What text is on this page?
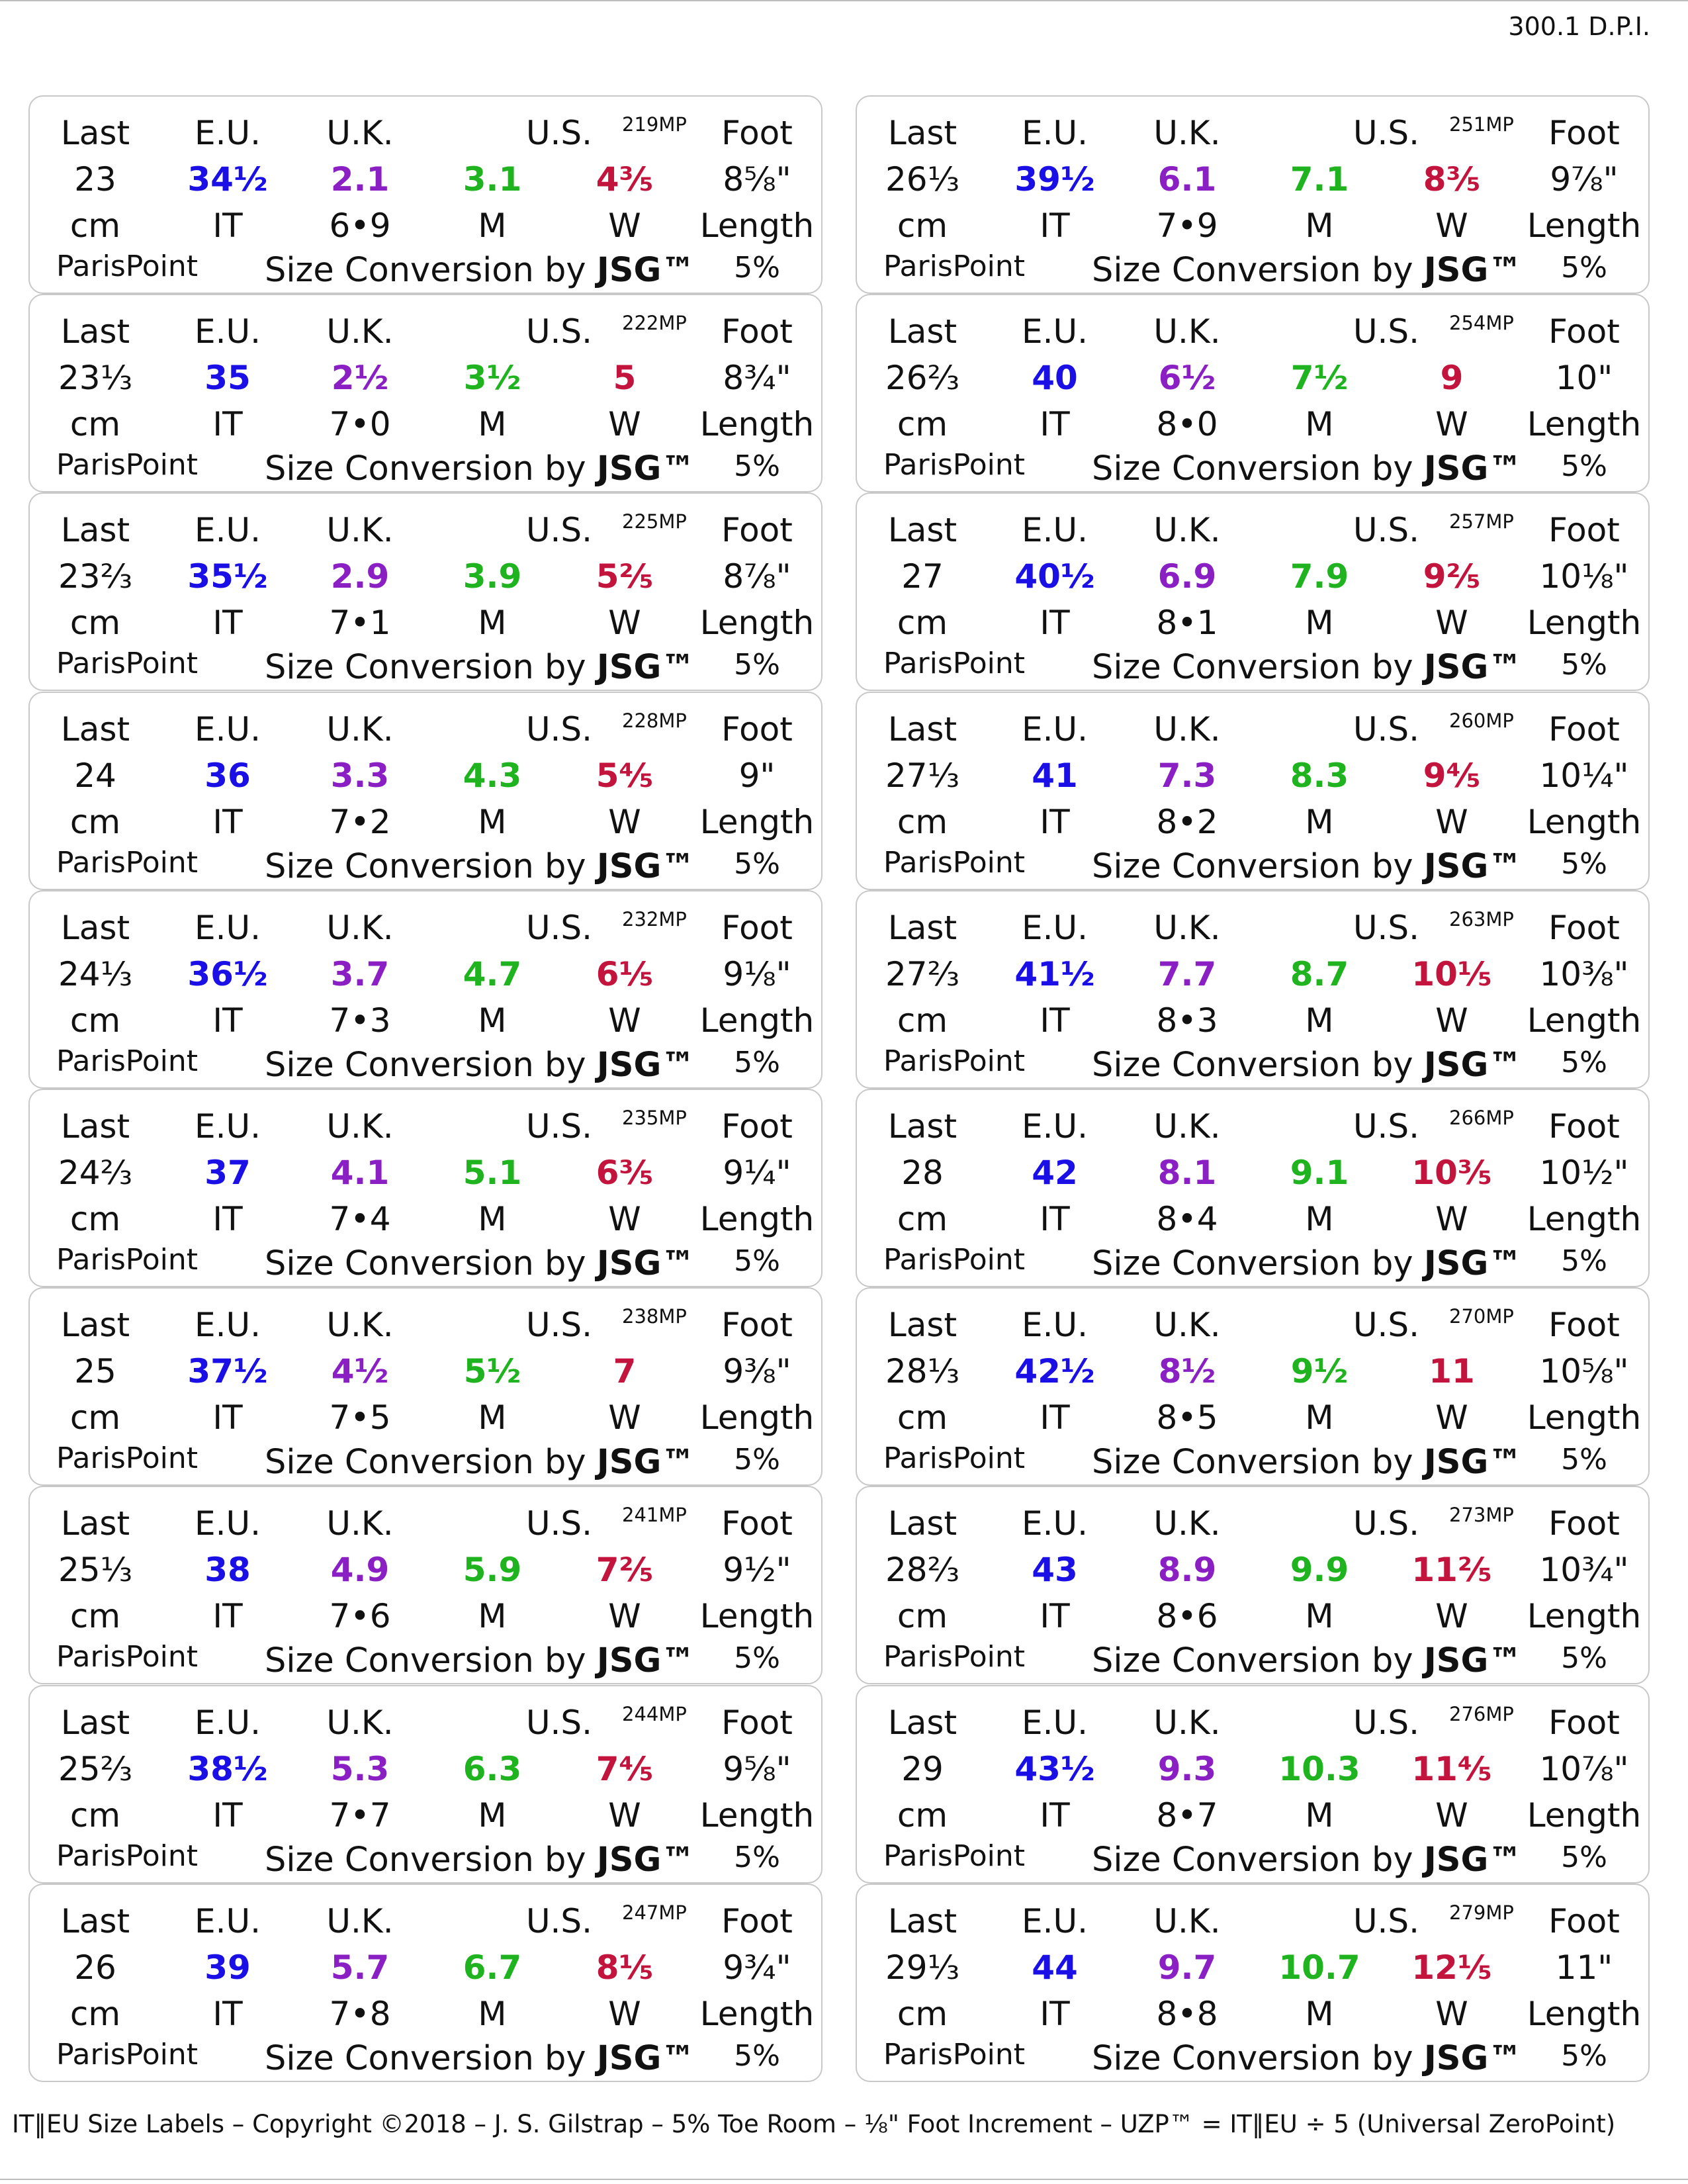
300.1 D.P.I.
Last E.U. U.K.	U.S. 219MP Foot
23 34½ 2.1 3.1 4⅗ 8⅝"
cm	IT	6•9	M	W Length
ParisPoint Size Conversion by JSG™ 5%
Last E.U. U.K.	U.S. 251MP Foot
26⅓ 39½ 6.1 7.1 8⅗ 9⅞"
cm	IT	7•9	M	W Length
ParisPoint Size Conversion by JSG™ 5%
Last E.U. U.K.	U.S. 222MP Foot
23⅓ 35 2½ 3½	5	8¾"
cm	IT	7•0	M	W Length
ParisPoint Size Conversion by JSG™ 5%
Last E.U. U.K.	U.S. 254MP Foot
26⅔ 40 6½ 7½	9	10"
cm	IT	8•0	M	W Length
ParisPoint Size Conversion by JSG™ 5%
Last E.U. U.K.	U.S. 225MP Foot
23⅔ 35½ 2.9 3.9 5⅖ 8⅞"
cm	IT	7•1	M	W Length
ParisPoint Size Conversion by JSG™ 5%
Last E.U. U.K.	U.S. 257MP Foot
27 40½ 6.9 7.9 9⅖ 10⅛"
cm	IT	8•1	M	W Length
ParisPoint Size Conversion by JSG™ 5%
Last E.U. U.K.	U.S. 228MP Foot
24	36 3.3 4.3 5⅘	9"
cm	IT	7•2	M	W Length
ParisPoint Size Conversion by JSG™ 5%
Last E.U. U.K.	U.S. 260MP Foot
27⅓ 41 7.3 8.3 9⅘ 10¼"
cm	IT	8•2	M	W Length
ParisPoint Size Conversion by JSG™ 5%
Last E.U. U.K.	U.S. 232MP Foot
24⅓ 36½ 3.7 4.7 6⅕ 9⅛"
cm	IT	7•3	M	W Length
ParisPoint Size Conversion by JSG™ 5%
Last E.U. U.K.	U.S. 263MP Foot
27⅔ 41½ 7.7 8.7 10⅕ 10⅜"
cm	IT	8•3	M	W Length
ParisPoint Size Conversion by JSG™ 5%
Last E.U. U.K.	U.S. 235MP Foot
24⅔ 37 4.1 5.1 6⅗ 9¼"
cm	IT	7•4	M	W Length
ParisPoint Size Conversion by JSG™ 5%
Last E.U. U.K.	U.S. 266MP Foot
28	42 8.1 9.1 10⅗ 10½"
cm	IT	8•4	M	W Length
ParisPoint Size Conversion by JSG™ 5%
Last E.U. U.K.	U.S. 238MP Foot
25 37½ 4½ 5½	7	9⅜"
cm	IT	7•5	M	W Length
ParisPoint Size Conversion by JSG™ 5%
Last E.U. U.K.	U.S. 270MP Foot
28⅓ 42½ 8½ 9½ 11 10⅝"
cm	IT	8•5	M	W Length
ParisPoint Size Conversion by JSG™ 5%
Last E.U. U.K.	U.S. 241MP Foot
25⅓ 38 4.9 5.9 7⅖ 9½"
cm	IT	7•6	M	W Length
ParisPoint Size Conversion by JSG™ 5%
Last E.U. U.K.	U.S. 273MP Foot
28⅔ 43 8.9 9.9 11⅖ 10¾"
cm	IT	8•6	M	W Length
ParisPoint Size Conversion by JSG™ 5%
Last E.U. U.K.	U.S. 244MP Foot
25⅔ 38½ 5.3 6.3 7⅘ 9⅝"
cm	IT	7•7	M	W Length
ParisPoint Size Conversion by JSG™ 5%
Last E.U. U.K.	U.S. 276MP Foot
29 43½ 9.3 10.3 11⅘ 10⅞"
cm	IT	8•7	M	W Length
ParisPoint Size Conversion by JSG™ 5%
Last E.U. U.K.	U.S. 247MP Foot
26	39 5.7 6.7 8⅕ 9¾"
cm	IT	7•8	M	W Length
ParisPoint Size Conversion by JSG™ 5%
Last E.U. U.K.	U.S. 279MP Foot
29⅓ 44 9.7 10.7 12⅕ 11"
cm	IT	8•8	M	W Length
ParisPoint Size Conversion by JSG™ 5%
IT‖EU Size Labels – Copyright ©2018 – J. S. Gilstrap – 5% Toe Room – ⅛" Foot Increment – UZP™ = IT‖EU ÷ 5 (Universal ZeroPoint)
